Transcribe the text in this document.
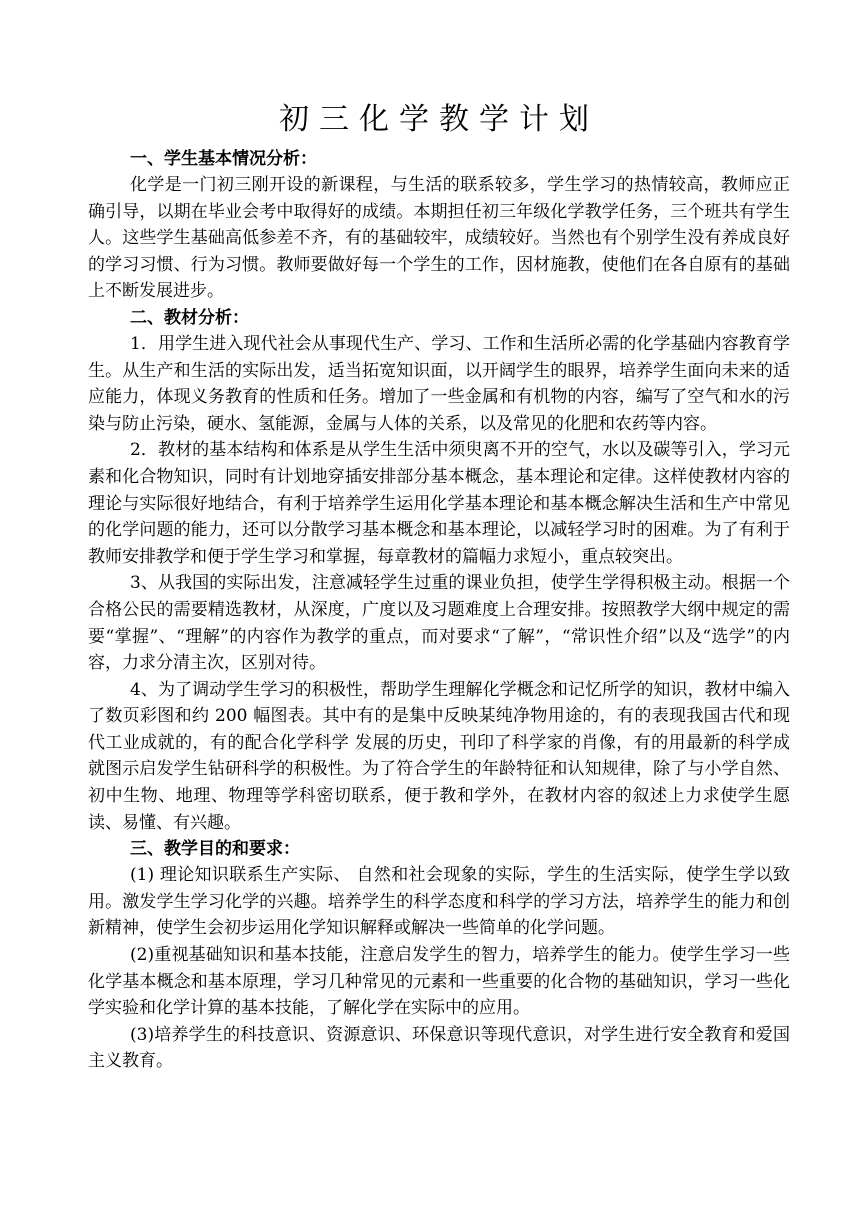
初三化学教学计划

一、学生基本情况分析：

化学是一门初三刚开设的新课程，与生活的联系较多，学生学习的热情较高，教师应正确引导，以期在毕业会考中取得好的成绩。本期担任初三年级化学教学任务，三个班共有学生　　人。这些学生基础高低参差不齐，有的基础较牢，成绩较好。当然也有个别学生没有养成良好的学习习惯、行为习惯。教师要做好每一个学生的工作，因材施教，使他们在各自原有的基础上不断发展进步。

二、教材分析：

1．用学生进入现代社会从事现代生产、学习、工作和生活所必需的化学基础内容教育学生。从生产和生活的实际出发，适当拓宽知识面，以开阔学生的眼界，培养学生面向未来的适应能力，体现义务教育的性质和任务。增加了一些金属和有机物的内容，编写了空气和水的污染与防止污染，硬水、氢能源，金属与人体的关系，以及常见的化肥和农药等内容。

2．教材的基本结构和体系是从学生生活中须臾离不开的空气，水以及碳等引入，学习元素和化合物知识，同时有计划地穿插安排部分基本概念，基本理论和定律。这样使教材内容的理论与实际很好地结合，有利于培养学生运用化学基本理论和基本概念解决生活和生产中常见的化学问题的能力，还可以分散学习基本概念和基本理论，以减轻学习时的困难。为了有利于教师安排教学和便于学生学习和掌握，每章教材的篇幅力求短小，重点较突出。

3、从我国的实际出发，注意减轻学生过重的课业负担，使学生学得积极主动。根据一个合格公民的需要精选教材，从深度，广度以及习题难度上合理安排。按照教学大纲中规定的需要“掌握”、“理解”的内容作为教学的重点，而对要求“了解”，“常识性介绍”以及“选学”的内容，力求分清主次，区别对待。

4、为了调动学生学习的积极性，帮助学生理解化学概念和记忆所学的知识，教材中编入了数页彩图和约 200 幅图表。其中有的是集中反映某纯净物用途的，有的表现我国古代和现代工业成就的，有的配合化学科学 发展的历史，刊印了科学家的肖像，有的用最新的科学成就图示启发学生钻研科学的积极性。为了符合学生的年龄特征和认知规律，除了与小学自然、初中生物、地理、物理等学科密切联系，便于教和学外，在教材内容的叙述上力求使学生愿读、易懂、有兴趣。

三、教学目的和要求：

(1) 理论知识联系生产实际、 自然和社会现象的实际，学生的生活实际，使学生学以致用。激发学生学习化学的兴趣。培养学生的科学态度和科学的学习方法，培养学生的能力和创新精神，使学生会初步运用化学知识解释或解决一些简单的化学问题。

(2)重视基础知识和基本技能，注意启发学生的智力，培养学生的能力。使学生学习一些化学基本概念和基本原理，学习几种常见的元素和一些重要的化合物的基础知识，学习一些化学实验和化学计算的基本技能，了解化学在实际中的应用。

(3)培养学生的科技意识、资源意识、环保意识等现代意识，对学生进行安全教育和爱国主义教育。
